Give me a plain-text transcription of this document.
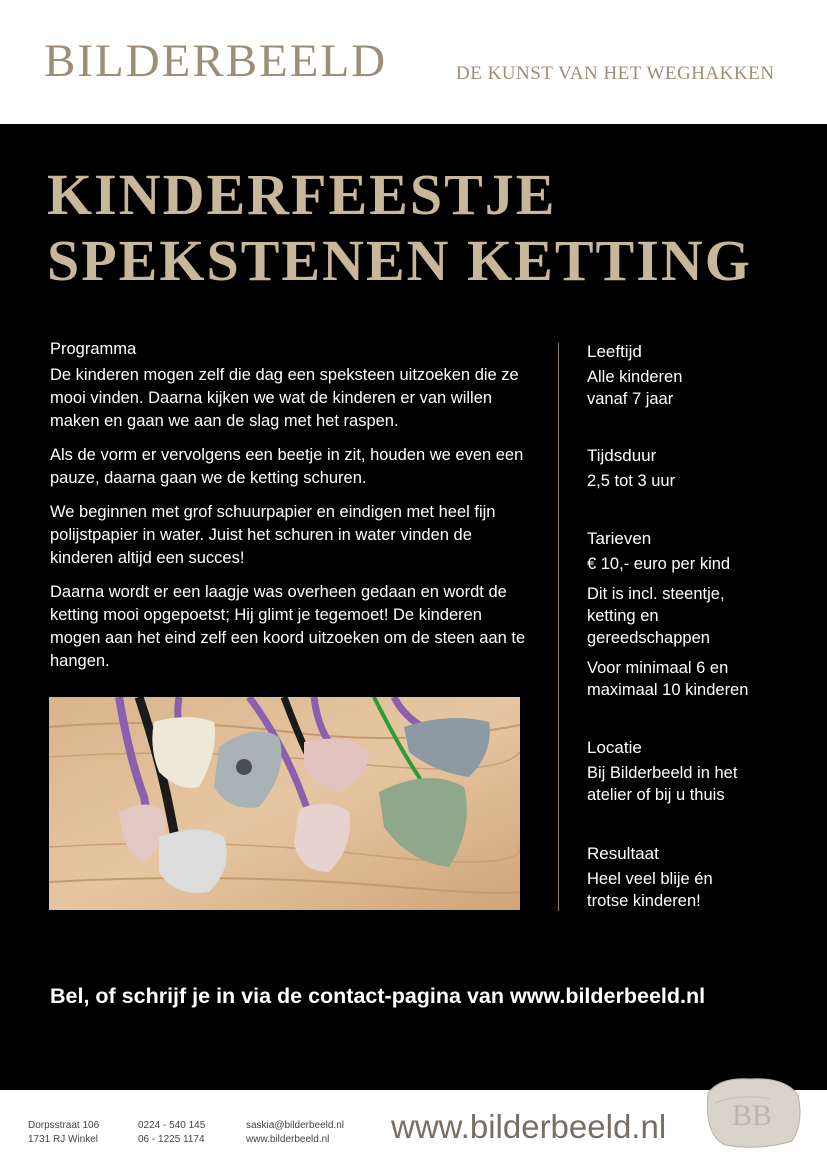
BILDERBEELD	DE KUNST VAN HET WEGHAKKEN
KINDERFEESTJE
SPEKSTENEN KETTING
Programma

De kinderen mogen zelf die dag een speksteen uitzoeken die ze mooi vinden. Daarna kijken we wat de kinderen er van willen maken en gaan we aan de slag met het raspen.

Als de vorm er vervolgens een beetje in zit, houden we even een pauze, daarna gaan we de ketting schuren.

We beginnen met grof schuurpapier en eindigen met heel fijn polijstpapier in water. Juist het schuren in water vinden de kinderen altijd een succes!

Daarna wordt er een laagje was overheen gedaan en wordt de ketting mooi opgepoetst; Hij glimt je tegemoet! De kinderen mogen aan het eind zelf een koord uitzoeken om de steen aan te hangen.

Leeftijd
Alle kinderen vanaf 7 jaar
Tijdsduur
2,5 tot 3 uur
Tarieven
€ 10,- euro per kind
Dit is incl. steentje, ketting en gereedschappen
Voor minimaal 6 en maximaal 10 kinderen
Locatie
Bij Bilderbeeld in het atelier of bij u thuis
Resultaat
Heel veel blije én trotse kinderen!
Bel, of schrijf je in via de contact-pagina van www.bilderbeeld.nl
Dorpsstraat 106
1731 RJ Winkel
0224 - 540 145
06 - 1225 1174
saskia@bilderbeeld.nl
www.bilderbeeld.nl	www.bilderbeeld.nl BB
